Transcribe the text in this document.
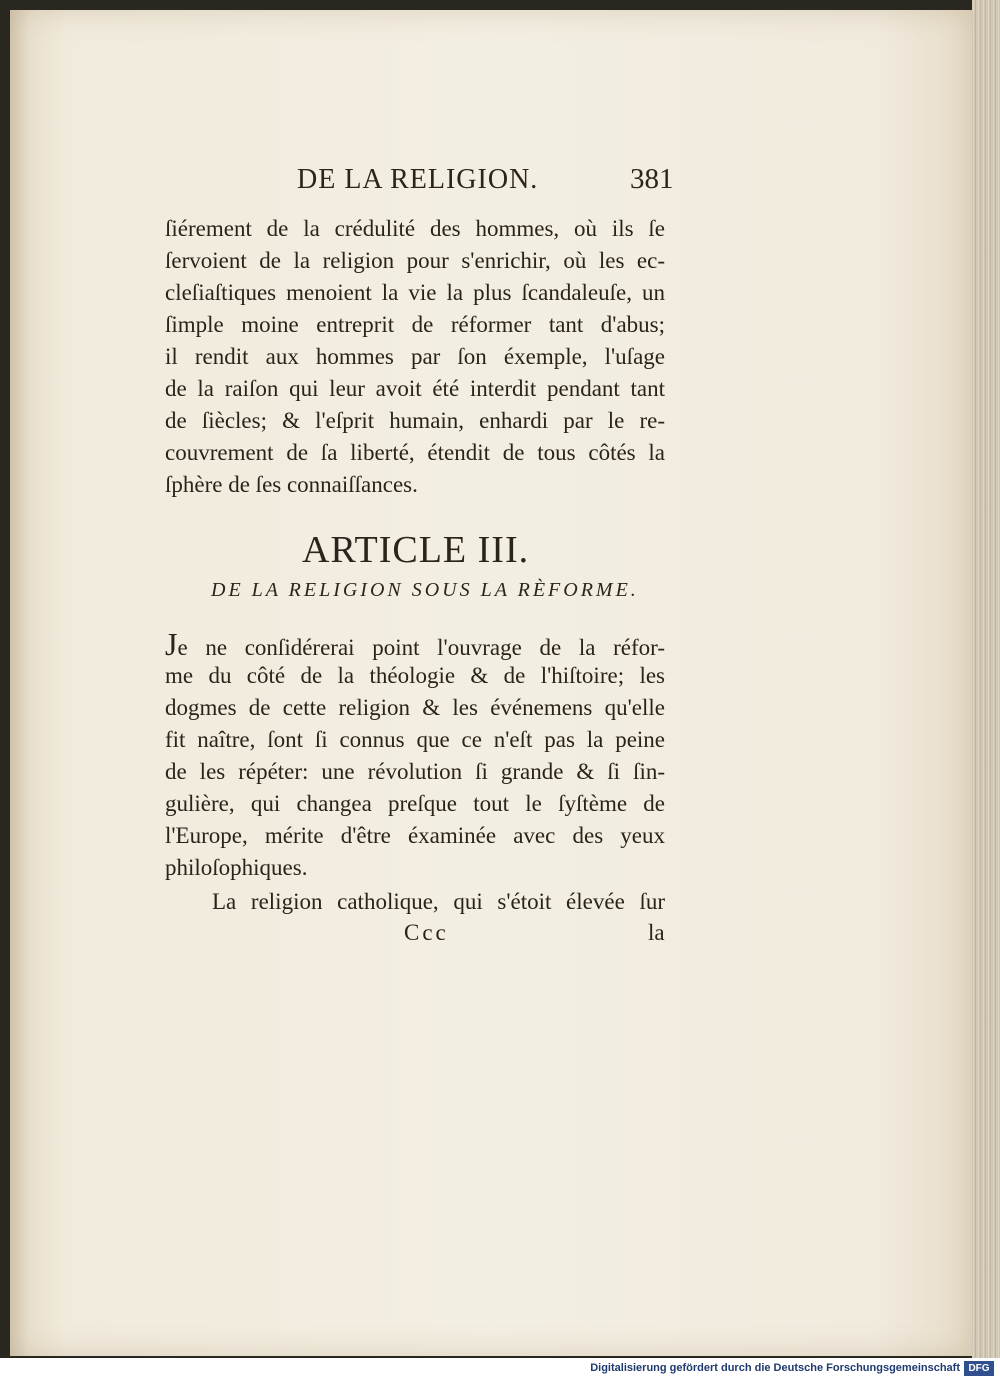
DE LA RELIGION.	381
ſiérement de la crédulité des hommes, où ils ſe
ſervoient de la religion pour s'enrichir, où les ec-
cleſiaſtiques menoient la vie la plus ſcandaleuſe, un
ſimple moine entreprit de réformer tant d'abus;
il rendit aux hommes par ſon éxemple, l'uſage
de la raiſon qui leur avoit été interdit pendant tant
de ſiècles; & l'eſprit humain, enhardi par le re-
couvrement de ſa liberté, étendit de tous côtés la
ſphère de ſes connaiſſances.
ARTICLE III.
DE LA RELIGION SOUS LA RÈFORME.
Je ne conſidérerai point l'ouvrage de la réfor-
me du côté de la théologie & de l'hiſtoire; les
dogmes de cette religion & les événemens qu'elle
fit naître, ſont ſi connus que ce n'eſt pas la peine
de les répéter: une révolution ſi grande & ſi ſin-
gulière, qui changea preſque tout le ſyſtème de
l'Europe, mérite d'être éxaminée avec des yeux
philoſophiques.
La religion catholique, qui s'étoit élevée ſur
Ccc	la
Digitalisierung gefördert durch die Deutsche Forschungsgemeinschaft DFG
